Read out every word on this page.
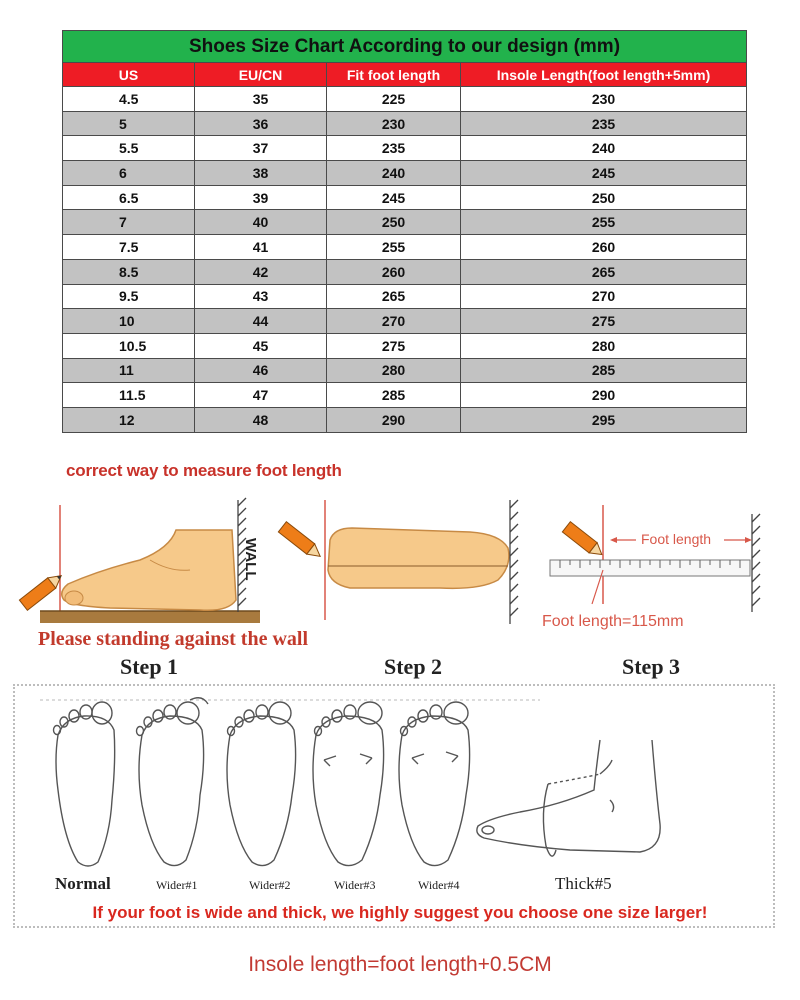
Shoes Size Chart According to our design (mm)			
US	EU/CN	Fit foot length	Insole Length(foot length+5mm)
4.5	35	225	230
5	36	230	235
5.5	37	235	240
6	38	240	245
6.5	39	245	250
7	40	250	255
7.5	41	255	260
8.5	42	260	265
9.5	43	265	270
10	44	270	275
10.5	45	275	280
11	46	280	285
11.5	47	285	290
12	48	290	295
correct way to measure foot length
WALL	Foot length
Foot length=115mm
Please standing against the wall
Step 1	Step 2	Step 3
Normal	Wider#1	Wider#2	Wider#3	Wider#4	Thick#5
If your foot is wide and thick, we highly suggest you choose one size larger!
Insole length=foot length+0.5CM
